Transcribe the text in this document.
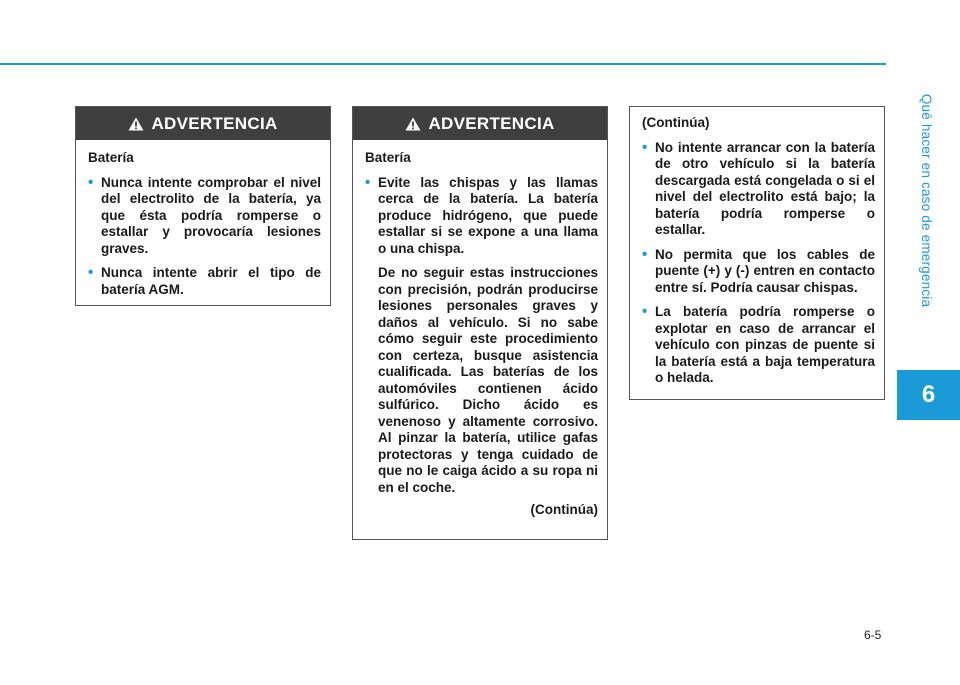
Qué hacer en caso de emergencia
6
6-5
ADVERTENCIA
Batería
• Nunca intente comprobar el nivel del electrolito de la batería, ya que ésta podría romperse o estallar y provocaría lesiones graves.
• Nunca intente abrir el tipo de batería AGM.
ADVERTENCIA
Batería
• Evite las chispas y las llamas cerca de la batería. La batería produce hidrógeno, que puede estallar si se expone a una llama o una chispa.
De no seguir estas instrucciones con precisión, podrán producirse lesiones personales graves y daños al vehículo. Si no sabe cómo seguir este procedimiento con certeza, busque asistencia cualificada. Las baterías de los automóviles contienen ácido sulfúrico. Dicho ácido es venenoso y altamente corrosivo. Al pinzar la batería, utilice gafas protectoras y tenga cuidado de que no le caiga ácido a su ropa ni en el coche.
(Continúa)
(Continúa)
• No intente arrancar con la batería de otro vehículo si la batería descargada está congelada o si el nivel del electrolito está bajo; la batería podría romperse o estallar.
• No permita que los cables de puente (+) y (-) entren en contacto entre sí. Podría causar chispas.
• La batería podría romperse o explotar en caso de arrancar el vehículo con pinzas de puente si la batería está a baja temperatura o helada.
